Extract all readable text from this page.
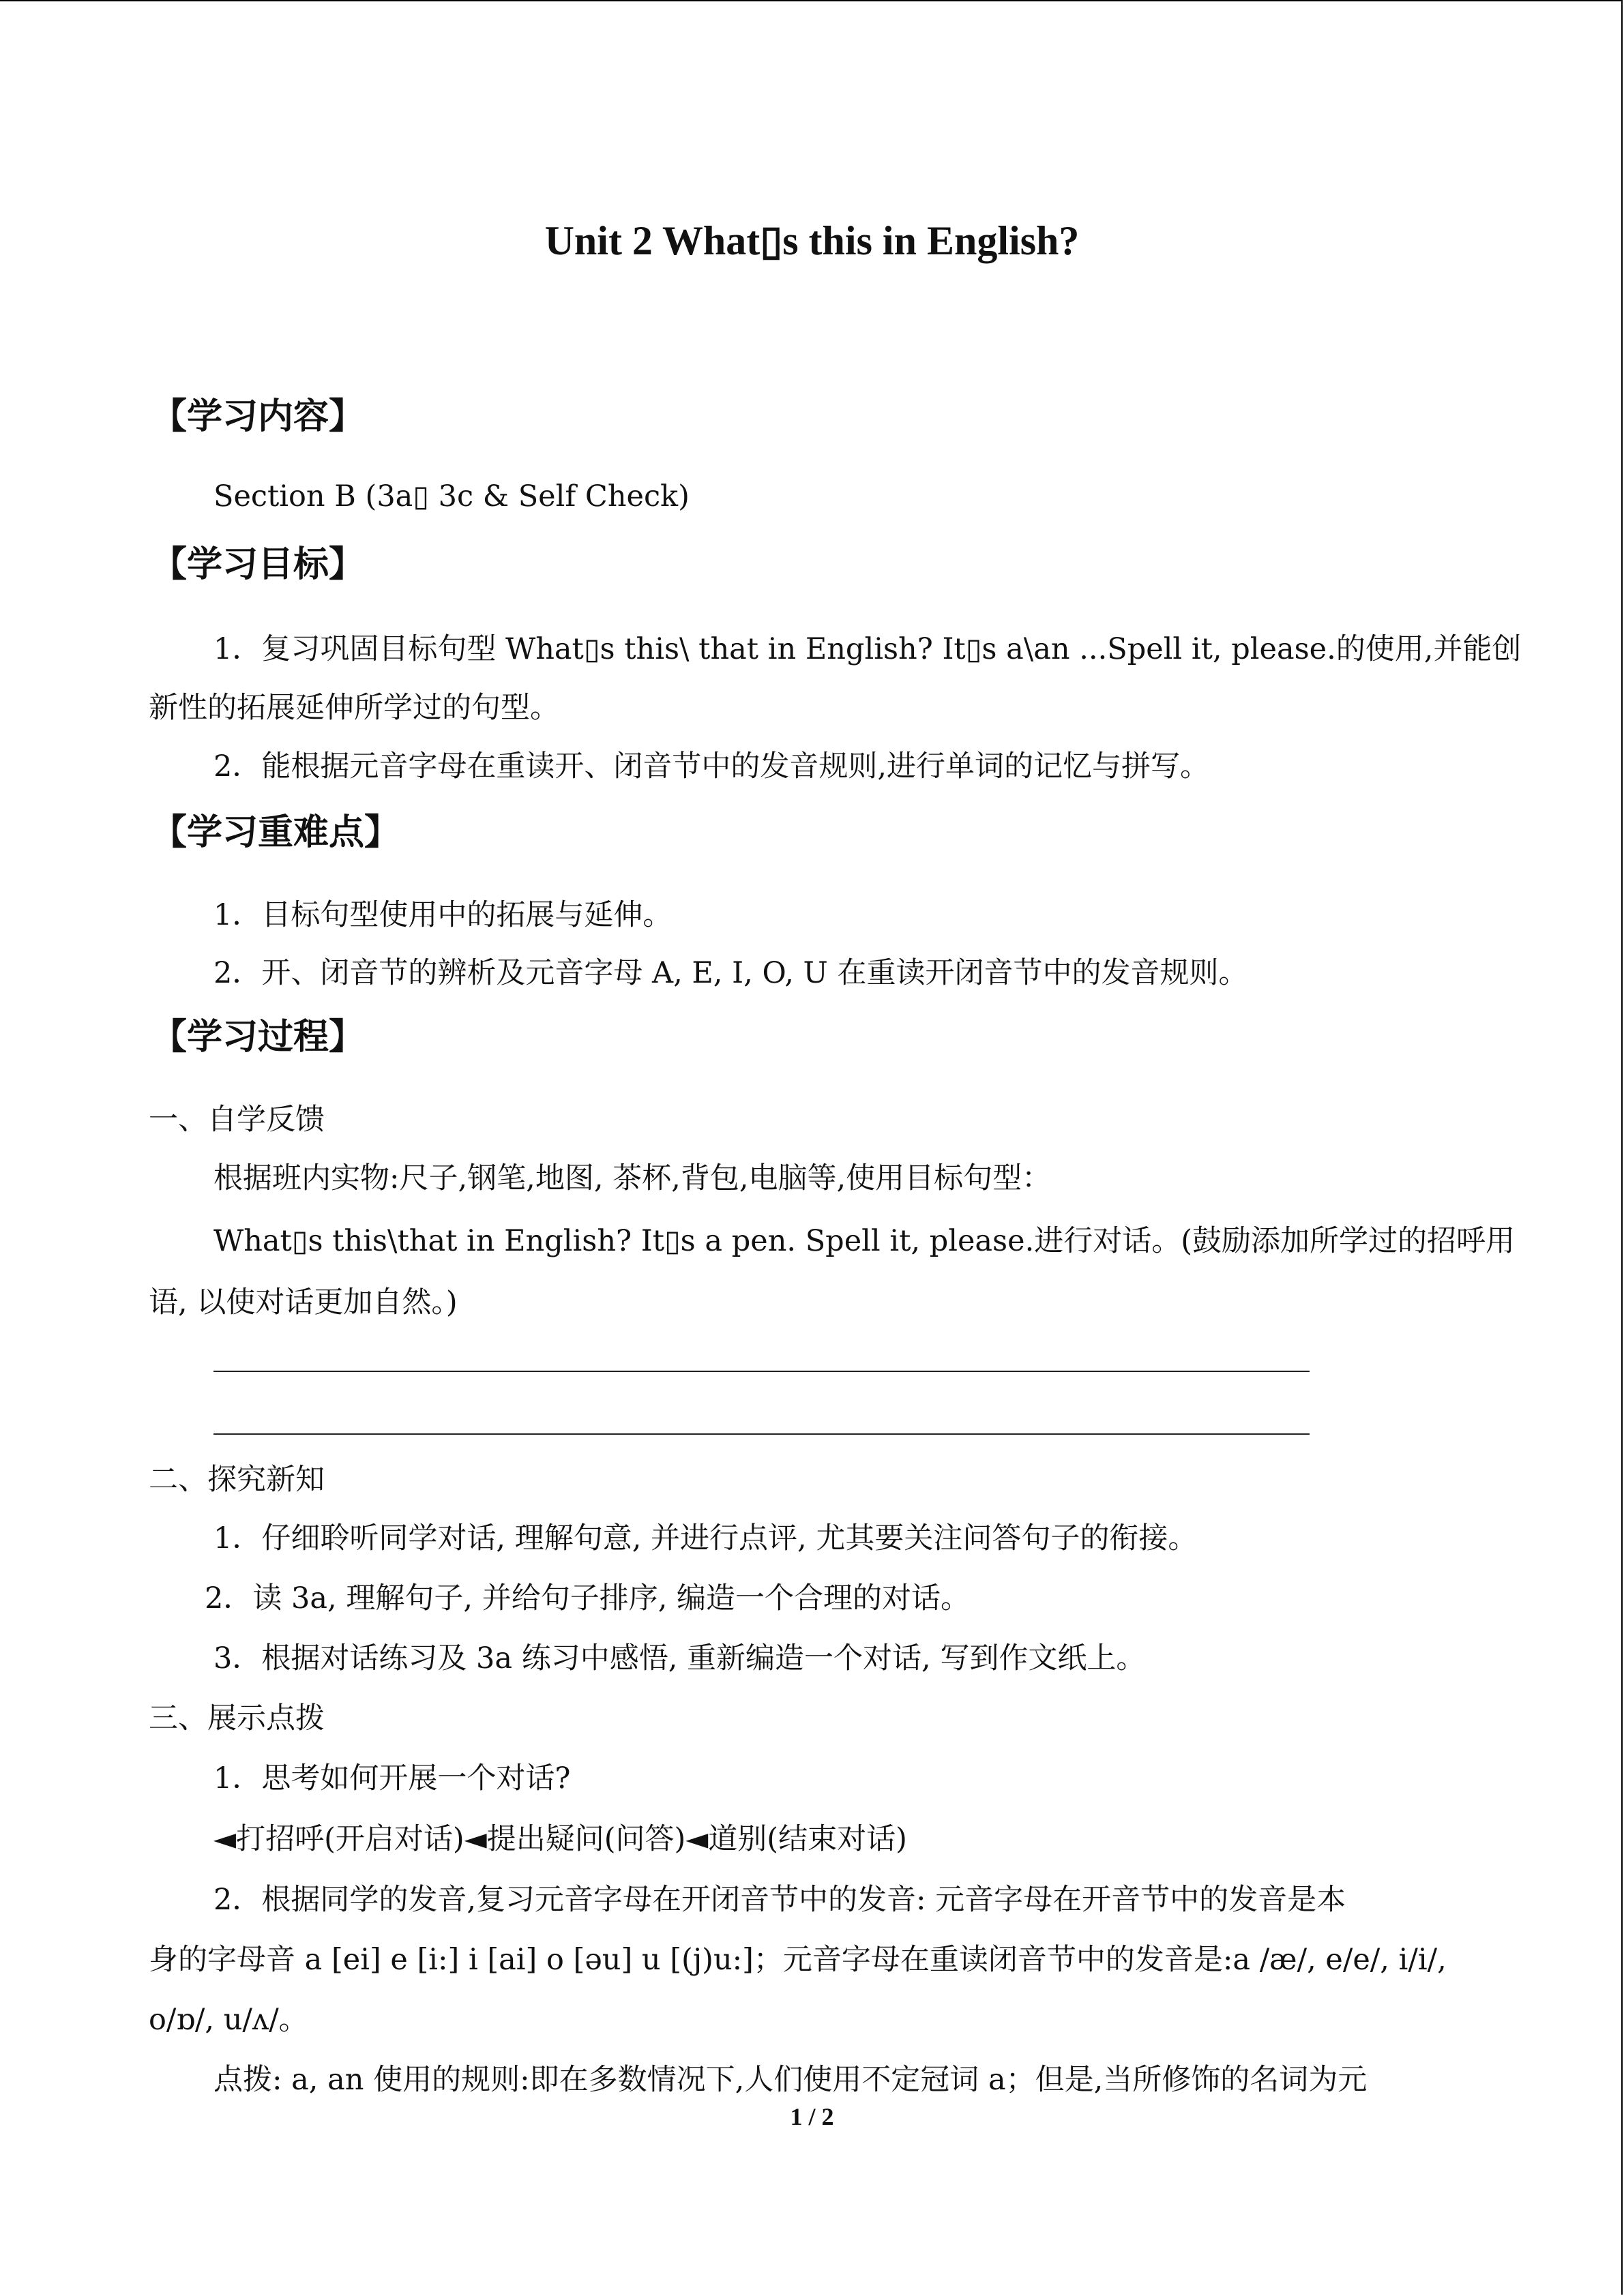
Unit 2 What▯s this in English?
【学习内容】
Section B (3a▯ 3c & Self Check)
【学习目标】
1．复习巩固目标句型 What▯s this\ that in English? It▯s a\an ...Spell it, please.的使用,并能创
新性的拓展延伸所学过的句型。
2．能根据元音字母在重读开、闭音节中的发音规则,进行单词的记忆与拼写。
【学习重难点】
1．目标句型使用中的拓展与延伸。
2．开、闭音节的辨析及元音字母 A, E, I, O, U 在重读开闭音节中的发音规则。
【学习过程】
一、自学反馈
根据班内实物:尺子,钢笔,地图, 茶杯,背包,电脑等,使用目标句型：
What▯s this\that in English? It▯s a pen. Spell it, please.进行对话。(鼓励添加所学过的招呼用
语, 以使对话更加自然。)
二、探究新知
1．仔细聆听同学对话, 理解句意, 并进行点评, 尤其要关注问答句子的衔接。
2．读 3a, 理解句子, 并给句子排序, 编造一个合理的对话。
3．根据对话练习及 3a 练习中感悟, 重新编造一个对话, 写到作文纸上。
三、展示点拨
1．思考如何开展一个对话?
◄打招呼(开启对话)◄提出疑问(问答)◄道别(结束对话)
2．根据同学的发音,复习元音字母在开闭音节中的发音: 元音字母在开音节中的发音是本
身的字母音 a [ei] e [i:] i [ai] o [əu] u [(j)u:]；元音字母在重读闭音节中的发音是:a /æ/, e/e/, i/i/,
o/ɒ/, u/ʌ/。
点拨: a, an 使用的规则:即在多数情况下,人们使用不定冠词 a；但是,当所修饰的名词为元
1 / 2
